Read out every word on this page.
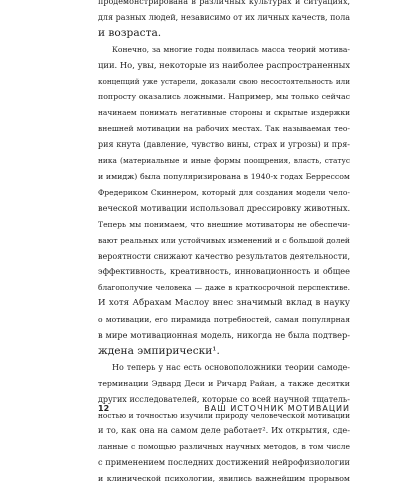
продемонстрирована в различных культурах и ситуациях,
для разных людей, независимо от их личных качеств, пола
и возраста.
Конечно, за многие годы появилась масса теорий мотива-
ции. Но, увы, некоторые из наиболее распространенных
концепций уже устарели, доказали свою несостоятельность или
попросту оказались ложными. Например, мы только сейчас
начинаем понимать негативные стороны и скрытые издержки
внешней мотивации на рабочих местах. Так называемая тео-
рия кнута (давление, чувство вины, страх и угрозы) и пря-
ника (материальные и иные формы поощрения, власть, статус
и имидж) была популяризирована в 1940-х годах Беррессом
Фредериком Скиннером, который для создания модели чело-
веческой мотивации использовал дрессировку животных.
Теперь мы понимаем, что внешние мотиваторы не обеспечи-
вают реальных или устойчивых изменений и с большой долей
вероятности снижают качество результатов деятельности,
эффективность, креативность, инновационность и общее
благополучие человека — даже в краткосрочной перспективе.
И хотя Абрахам Маслоу внес значимый вклад в науку
о мотивации, его пирамида потребностей, самая популярная
в мире мотивационная модель, никогда не была подтвер-
ждена эмпирически¹.
Но теперь у нас есть основоположники теории самоде-
терминации Эдвард Деси и Ричард Райан, а также десятки
других исследователей, которые со всей научной тщатель-
ностью и точностью изучили природу человеческой мотивации
и то, как она на самом деле работает². Их открытия, сде-
ланные с помощью различных научных методов, в том числе
с применением последних достижений нейрофизиологии
и клинической психологии, явились важнейшим прорывом
12	ВАШ ИСТОЧНИК МОТИВАЦИИ
